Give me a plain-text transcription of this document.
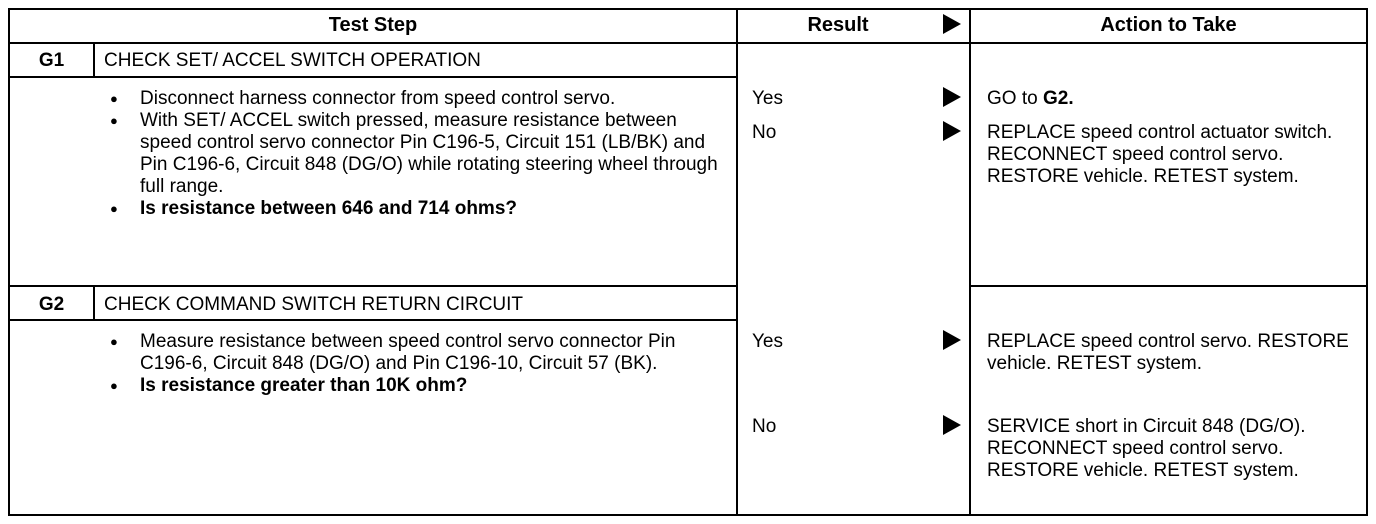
Test Step	Result	Action to Take
G1	CHECK SET/ ACCEL SWITCH OPERATION
● Disconnect harness connector from speed control servo.
● With SET/ ACCEL switch pressed, measure resistance between speed control servo connector Pin C196-5, Circuit 151 (LB/BK) and Pin C196-6, Circuit 848 (DG/O) while rotating steering wheel through full range.
● Is resistance between 646 and 714 ohms?
Yes	GO to G2.
No	REPLACE speed control actuator switch. RECONNECT speed control servo. RESTORE vehicle. RETEST system.
G2	CHECK COMMAND SWITCH RETURN CIRCUIT
● Measure resistance between speed control servo connector Pin C196-6, Circuit 848 (DG/O) and Pin C196-10, Circuit 57 (BK).
● Is resistance greater than 10K ohm?
Yes	REPLACE speed control servo. RESTORE vehicle. RETEST system.
No	SERVICE short in Circuit 848 (DG/O). RECONNECT speed control servo. RESTORE vehicle. RETEST system.
